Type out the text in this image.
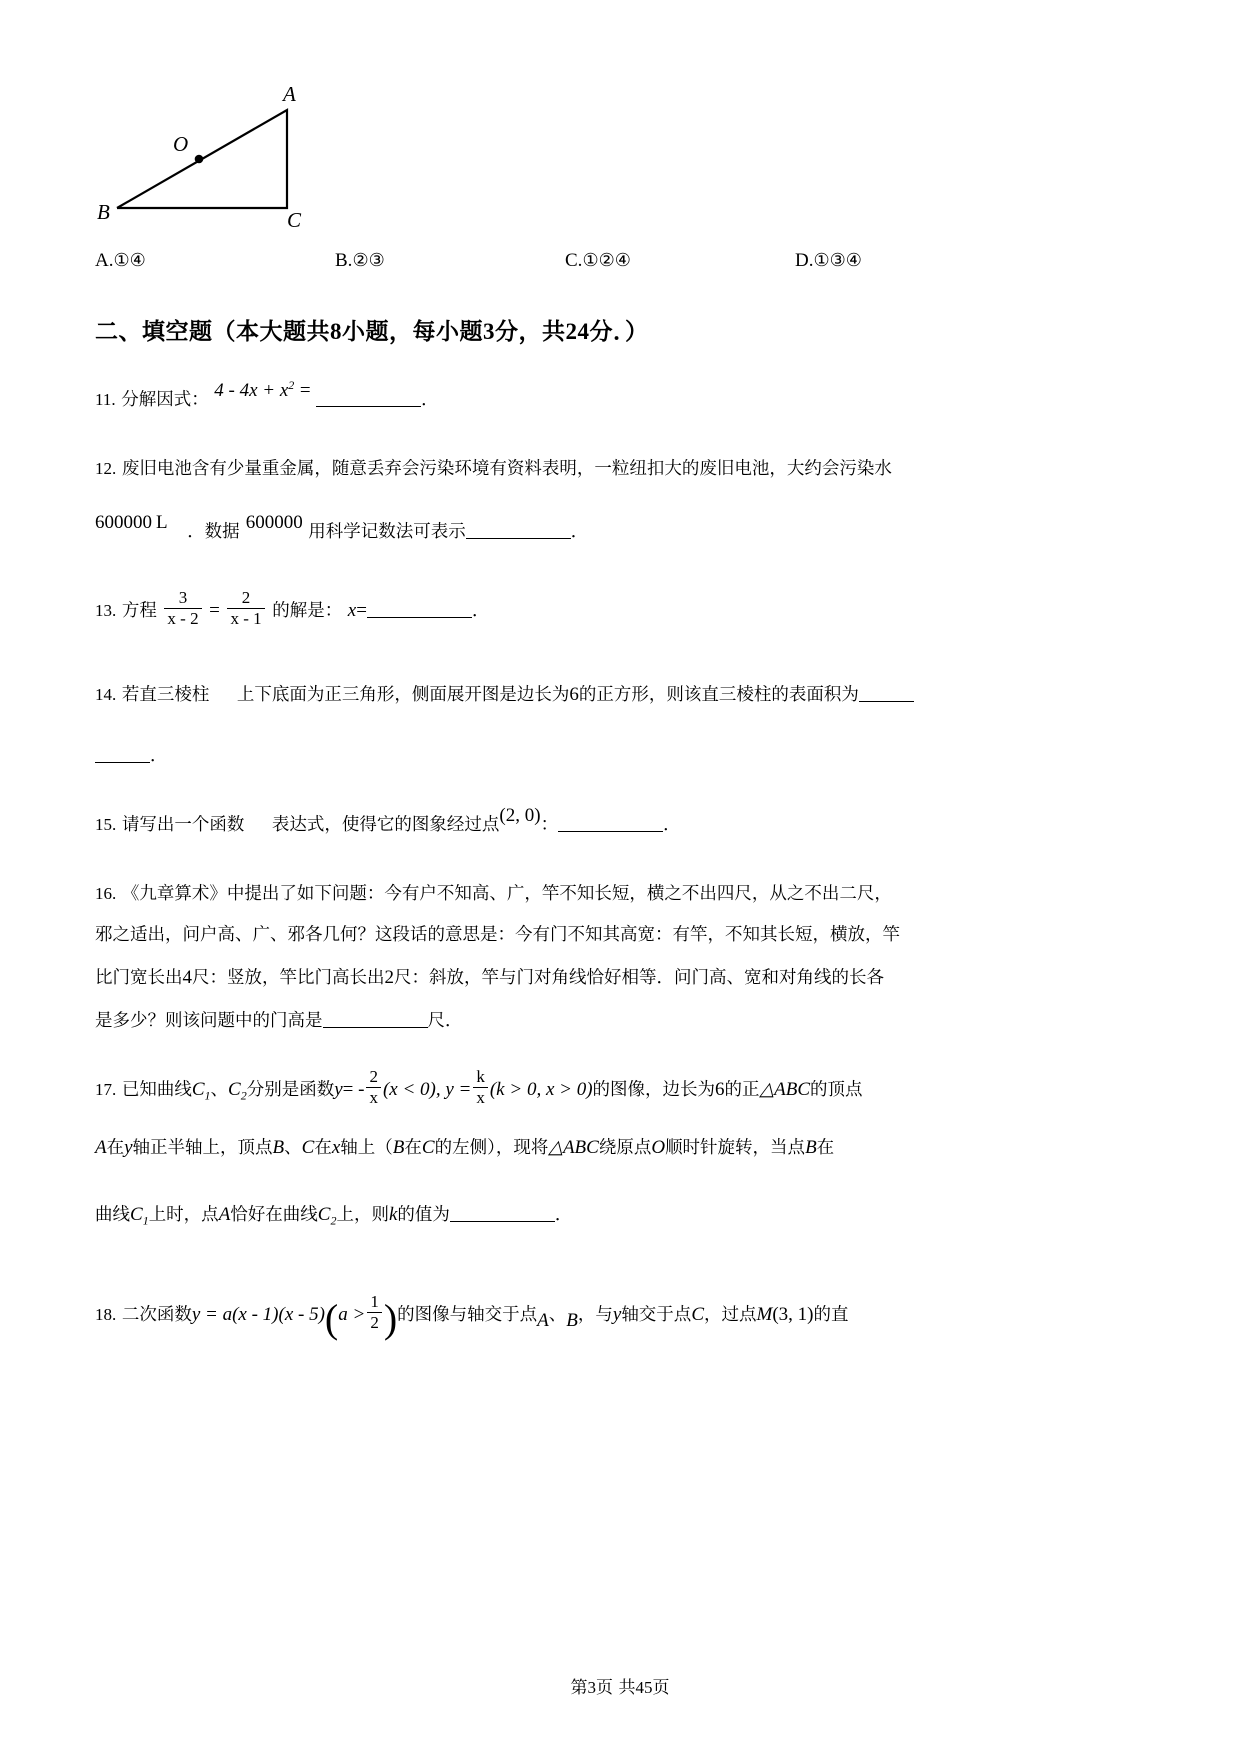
A
B	C
O
A.①④	B.②③	C.①②④	D.①③④
二、填空题（本大题共8小题，每小题3分，共24分．）
11. 分解因式： $4 - 4x + x^2$ =	．
12. 废旧电池含有少量重金属，随意丢弃会污染环境有资料表明，一粒纽扣大的废旧电池，大约会污染水
600000 L ．数据 600000 用科学记数法可表示	．
13. 方程 $\frac{3}{x - 2} = \frac{2}{x - 1}$ 的解是： x=	．
14. 若直三棱柱 上下底面为正三角形，侧面展开图是边长为6的正方形，则该直三棱柱的表面积为
．
15. 请写出一个函数 表达式，使得它的图象经过点(2, 0)：	．
16. 《九章算术》中提出了如下问题：今有户不知高、广，竿不知长短，横之不出四尺，从之不出二尺，
邪之适出，问户高、广、邪各几何？这段话的意思是：今有门不知其高宽：有竿，不知其长短，横放，竿
比门宽长出4尺：竖放，竿比门高长出2尺：斜放，竿与门对角线恰好相等．问门高、宽和对角线的长各
是多少？则该问题中的门高是	尺．
17. 已知曲线$C_1$、$C_2$分别是函数$y= - \frac{2}{x} (x < 0)$, $y = \frac{k}{x} (k > 0$, x > 0)的图像，边长为6的正△ABC的顶点
A在y轴正半轴上，顶点B、C在x轴上（B在C的左侧），现将△ABC绕原点O顺时针旋转，当点B在
曲线$C_1$上时，点A恰好在曲线$C_2$上，则k的值为	．
18. 二次函数$y = a(x - 1)(x - 5)(a > \frac{1}{2}$ )的图像与轴交于点A、B，与y轴交于点C，过点M(3, 1)的直
第3页 共45页
